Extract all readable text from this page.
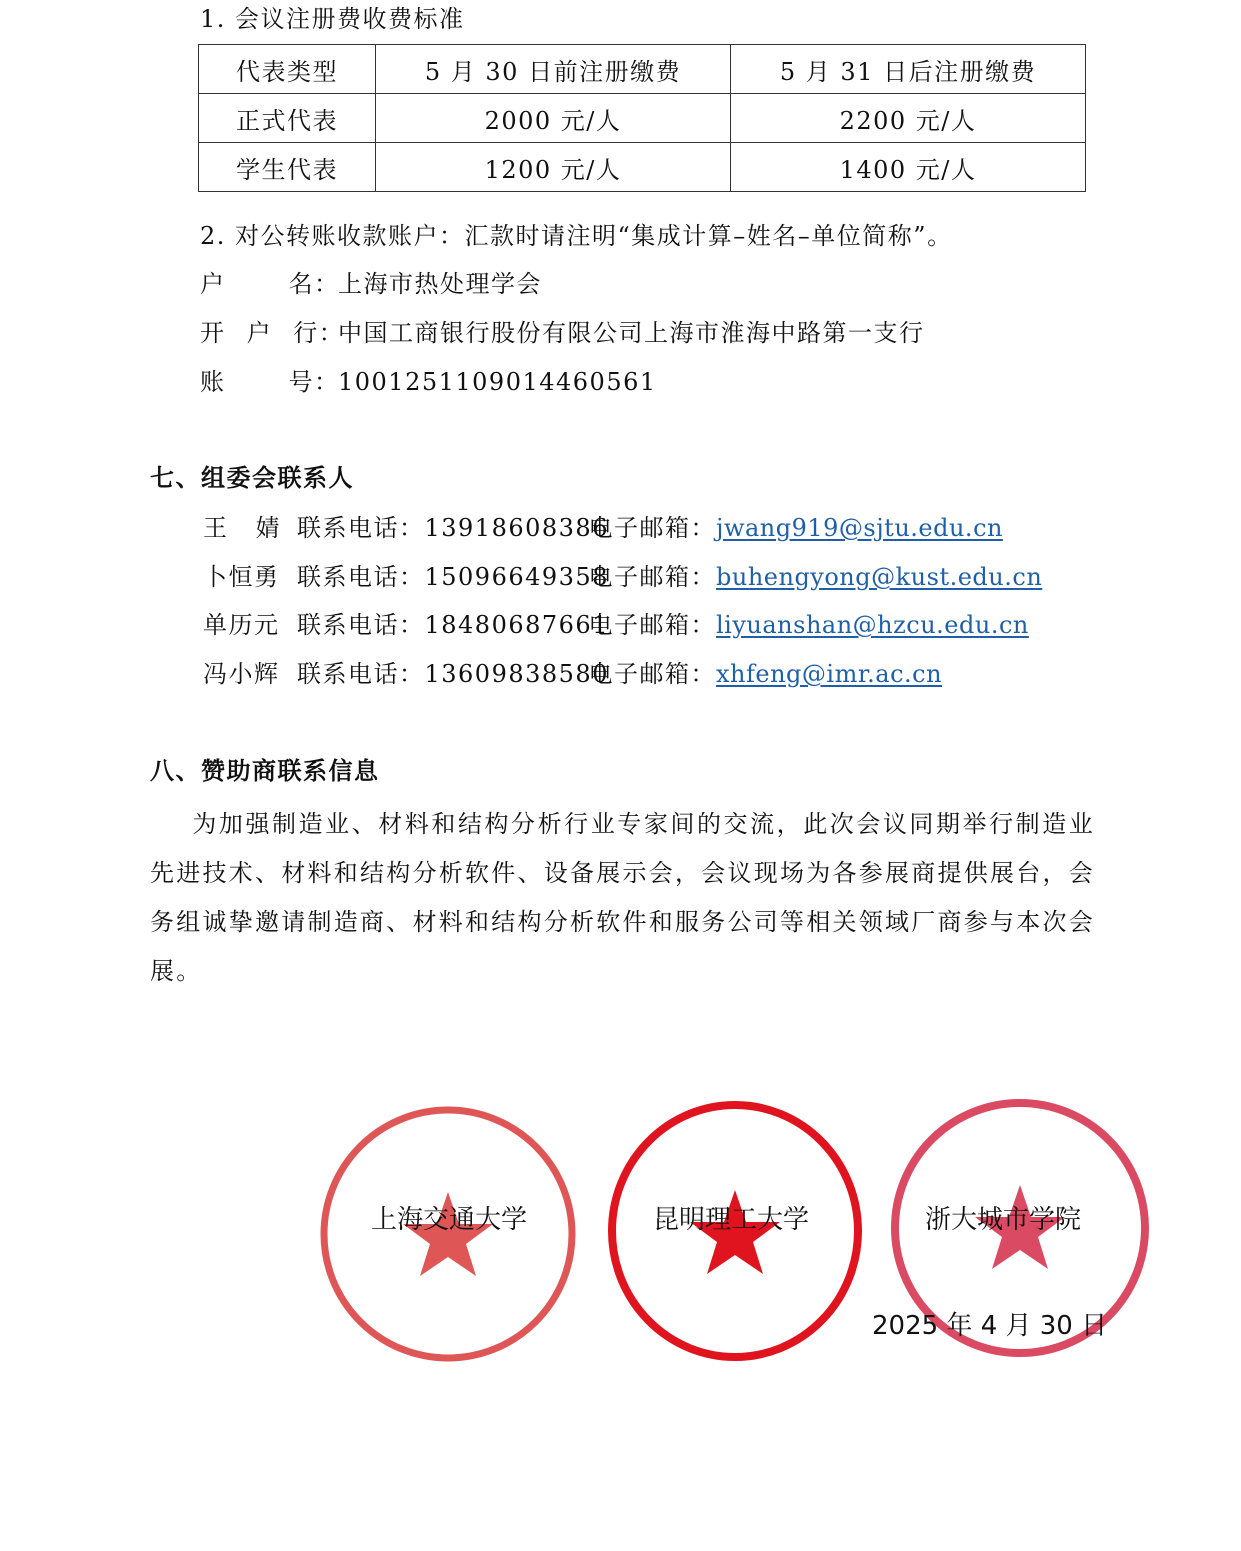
1. 会议注册费收费标准
代表类型	5 月 30 日前注册缴费	5 月 31 日后注册缴费
正式代表	2000 元/人	2200 元/人
学生代表	1200 元/人	1400 元/人
2. 对公转账收款账户：汇款时请注明“集成计算–姓名–单位简称”。
户 名：上海市热处理学会
开 户 行：中国工商银行股份有限公司上海市淮海中路第一支行
账 号：1001251109014460561
七、组委会联系人
王 婧 联系电话：13918608386电子邮箱：jwang919@sjtu.edu.cn
卜恒勇 联系电话：15096649358电子邮箱：buhengyong@kust.edu.cn
单历元 联系电话：18480687661电子邮箱：liyuanshan@hzcu.edu.cn
冯小辉 联系电话：13609838580电子邮箱：xhfeng@imr.ac.cn
八、赞助商联系信息
为加强制造业、材料和结构分析行业专家间的交流，此次会议同期举行制造业先进技术、材料和结构分析软件、设备展示会，会议现场为各参展商提供展台，会务组诚挚邀请制造商、材料和结构分析软件和服务公司等相关领域厂商参与本次会展。
上海交通大学	昆明理工大学	浙大城市学院
2025 年 4 月 30 日
